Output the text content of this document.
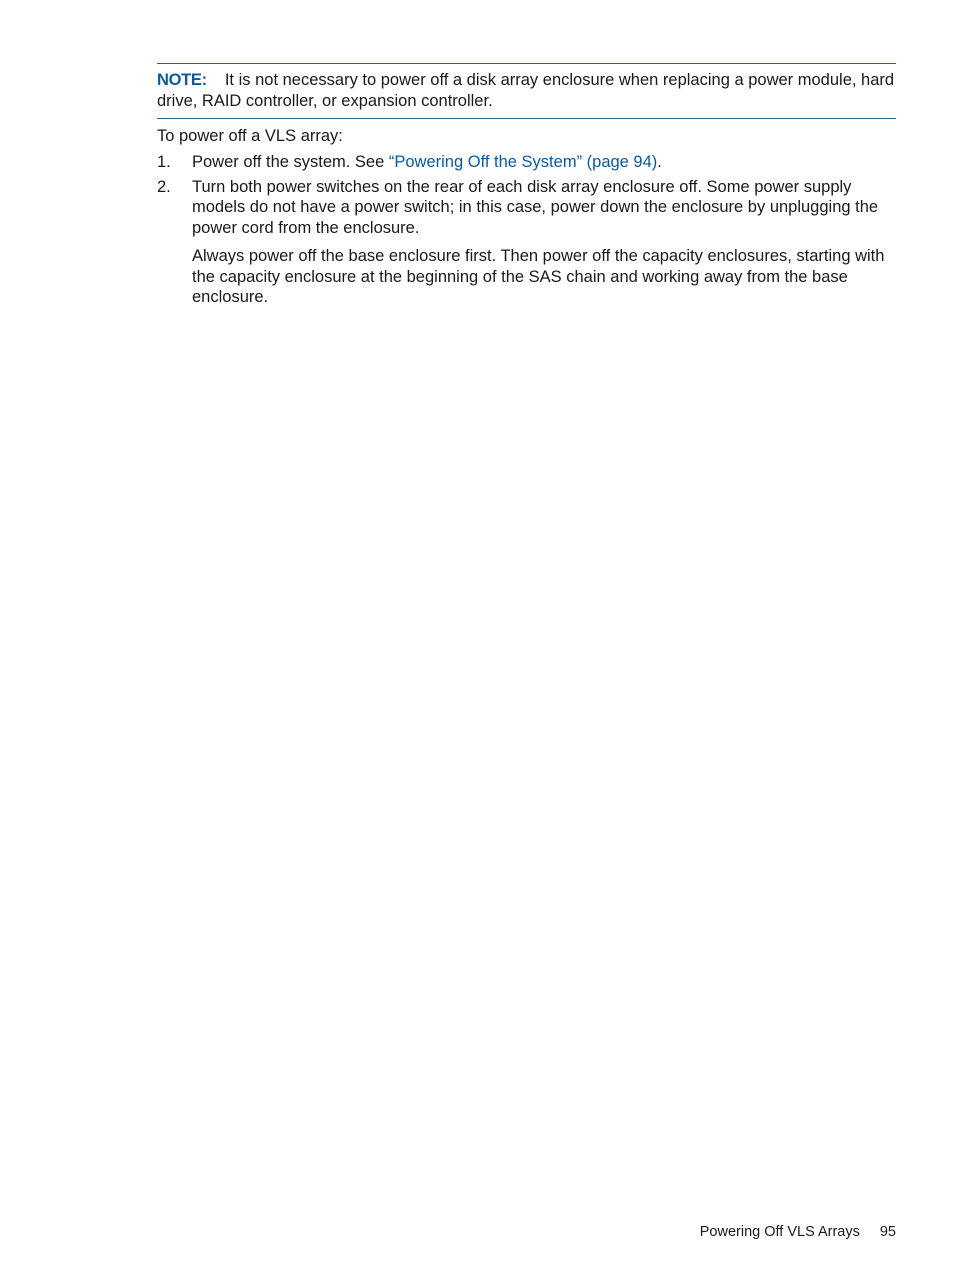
NOTE: It is not necessary to power off a disk array enclosure when replacing a power module, hard drive, RAID controller, or expansion controller.
To power off a VLS array:
1. Power off the system. See “Powering Off the System” (page 94).

2. Turn both power switches on the rear of each disk array enclosure off. Some power supply models do not have a power switch; in this case, power down the enclosure by unplugging the power cord from the enclosure.

Always power off the base enclosure first. Then power off the capacity enclosures, starting with the capacity enclosure at the beginning of the SAS chain and working away from the base enclosure.

Powering Off VLS Arrays 95
